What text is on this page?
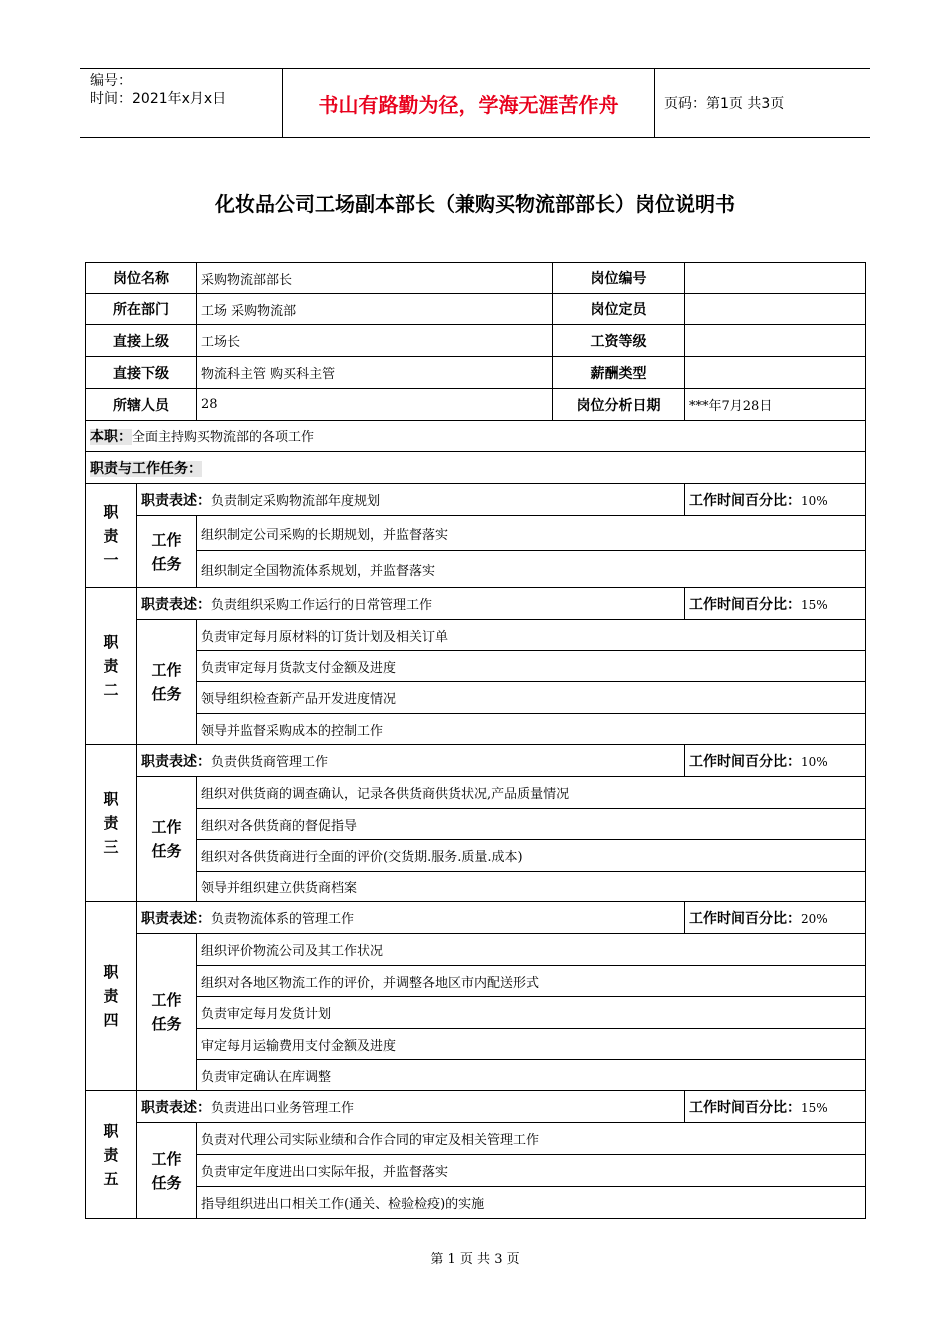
编号：
时间：2021年x月x日	书山有路勤为径，学海无涯苦作舟	页码：第1页 共3页
化妆品公司工场副本部长（兼购买物流部部长）岗位说明书
岗位名称		采购物流部部长	岗位编号	
所在部门		工场 采购物流部	岗位定员	
直接上级		工场长	工资等级	
直接下级		物流科主管 购买科主管	薪酬类型	
所辖人员		28	岗位分析日期	***年7月28日
本职：全面主持购买物流部的各项工作				
职责与工作任务：				
职
责
一	职责表述：负责制定采购物流部年度规划			工作时间百分比：10%
	工作
任务	组织制定公司采购的长期规划，并监督落实		
		组织制定全国物流体系规划，并监督落实		
职
责
二	职责表述：负责组织采购工作运行的日常管理工作			工作时间百分比：15%
	工作
任务	负责审定每月原材料的订货计划及相关订单		
		负责审定每月货款支付金额及进度		
		领导组织检查新产品开发进度情况		
		领导并监督采购成本的控制工作		
职
责
三	职责表述：负责供货商管理工作			工作时间百分比：10%
	工作
任务	组织对供货商的调查确认，记录各供货商供货状况,产品质量情况		
		组织对各供货商的督促指导		
		组织对各供货商进行全面的评价(交货期.服务.质量.成本)		
		领导并组织建立供货商档案		
职
责
四	职责表述：负责物流体系的管理工作			工作时间百分比：20%
	工作
任务	组织评价物流公司及其工作状况		
		组织对各地区物流工作的评价，并调整各地区市内配送形式		
		负责审定每月发货计划		
		审定每月运输费用支付金额及进度		
		负责审定确认在库调整		
职
责
五	职责表述：负责进出口业务管理工作			工作时间百分比：15%
	工作
任务	负责对代理公司实际业绩和合作合同的审定及相关管理工作		
		负责审定年度进出口实际年报，并监督落实		
		指导组织进出口相关工作(通关、检验检疫)的实施		
第 1 页 共 3 页
